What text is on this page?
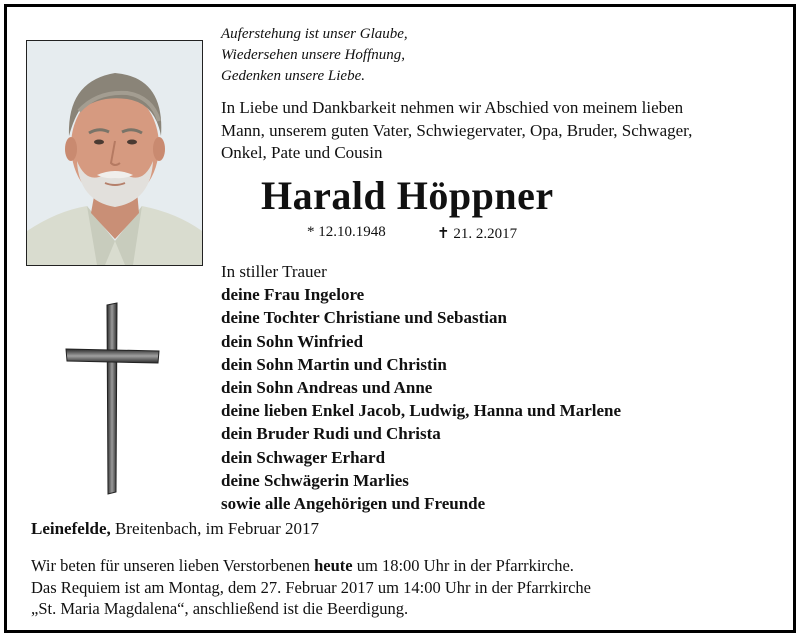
Auferstehung ist unser Glaube,
Wiedersehen unsere Hoffnung,
Gedenken unsere Liebe.
In Liebe und Dankbarkeit nehmen wir Abschied von meinem lieben
Mann, unserem guten Vater, Schwiegervater, Opa, Bruder, Schwager,
Onkel, Pate und Cousin
Harald Höppner
* 12.10.1948	✝ 21. 2.2017
In stiller Trauer
deine Frau Ingelore
deine Tochter Christiane und Sebastian
dein Sohn Winfried
dein Sohn Martin und Christin
dein Sohn Andreas und Anne
deine lieben Enkel Jacob, Ludwig, Hanna und Marlene
dein Bruder Rudi und Christa
dein Schwager Erhard
deine Schwägerin Marlies
sowie alle Angehörigen und Freunde
Leinefelde, Breitenbach, im Februar 2017
Wir beten für unseren lieben Verstorbenen heute um 18:00 Uhr in der Pfarrkirche.
Das Requiem ist am Montag, dem 27. Februar 2017 um 14:00 Uhr in der Pfarrkirche
„St. Maria Magdalena“, anschließend ist die Beerdigung.
